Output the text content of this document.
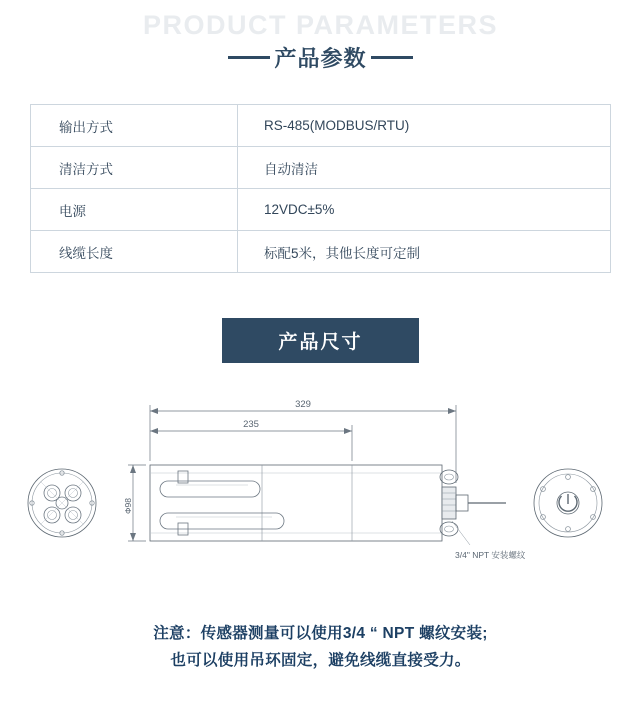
PRODUCT PARAMETERS
产品参数
输出方式	RS-485(MODBUS/RTU)
清洁方式	自动清洁
电源	12VDC±5%
线缆长度	标配5米，其他长度可定制
产品尺寸
329
235
Ф98
3/4" NPT 安装螺纹
注意：传感器测量可以使用3/4 “ NPT 螺纹安装;
也可以使用吊环固定，避免线缆直接受力。
